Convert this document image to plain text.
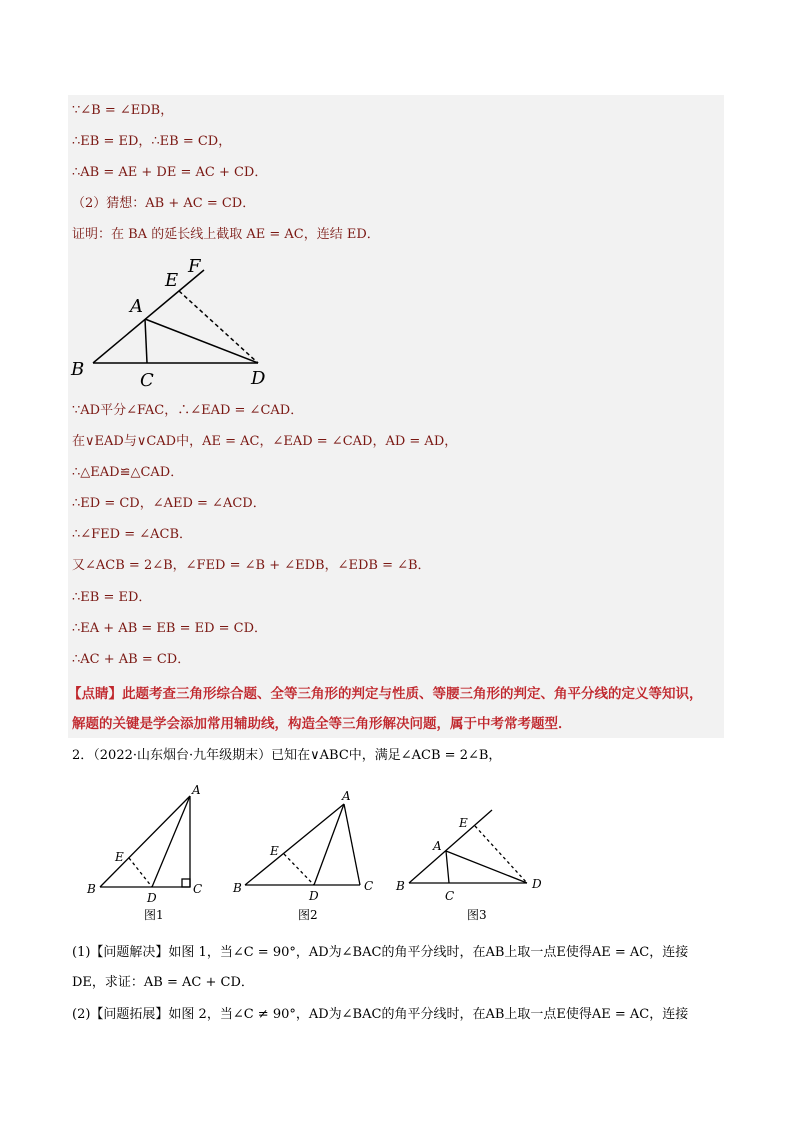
∵∠B = ∠EDB，
∴EB = ED，∴EB = CD，
∴AB = AE + DE = AC + CD．
（2）猜想：AB + AC = CD．
证明：在 BA 的延长线上截取 AE = AC，连结 ED．
A
B
C	D
E
F
∵AD平分∠FAC，∴∠EAD = ∠CAD．
在∨EAD与∨CAD中，AE = AC，∠EAD = ∠CAD，AD = AD，
∴△EAD≌△CAD．
∴ED = CD，∠AED = ∠ACD．
∴∠FED = ∠ACB．
又∠ACB = 2∠B，∠FED = ∠B + ∠EDB，∠EDB = ∠B．
∴EB = ED．
∴EA + AB = EB = ED = CD．
∴AC + AB = CD．
【点睛】此题考查三角形综合题、全等三角形的判定与性质、等腰三角形的判定、角平分线的定义等知识，
解题的关键是学会添加常用辅助线，构造全等三角形解决问题，属于中考常考题型．
2．（2022·山东烟台·九年级期末）已知在∨ABC中，满足∠ACB = 2∠B，
A
B	C
D
E
图1
A
B	C
D
E
图2
A
B
C
D
E
图3
(1)【问题解决】如图 1，当∠C = 90°，AD为∠BAC的角平分线时，在AB上取一点E使得AE = AC，连接
DE，求证：AB = AC + CD．
(2)【问题拓展】如图 2，当∠C ≠ 90°，AD为∠BAC的角平分线时，在AB上取一点E使得AE = AC，连接
